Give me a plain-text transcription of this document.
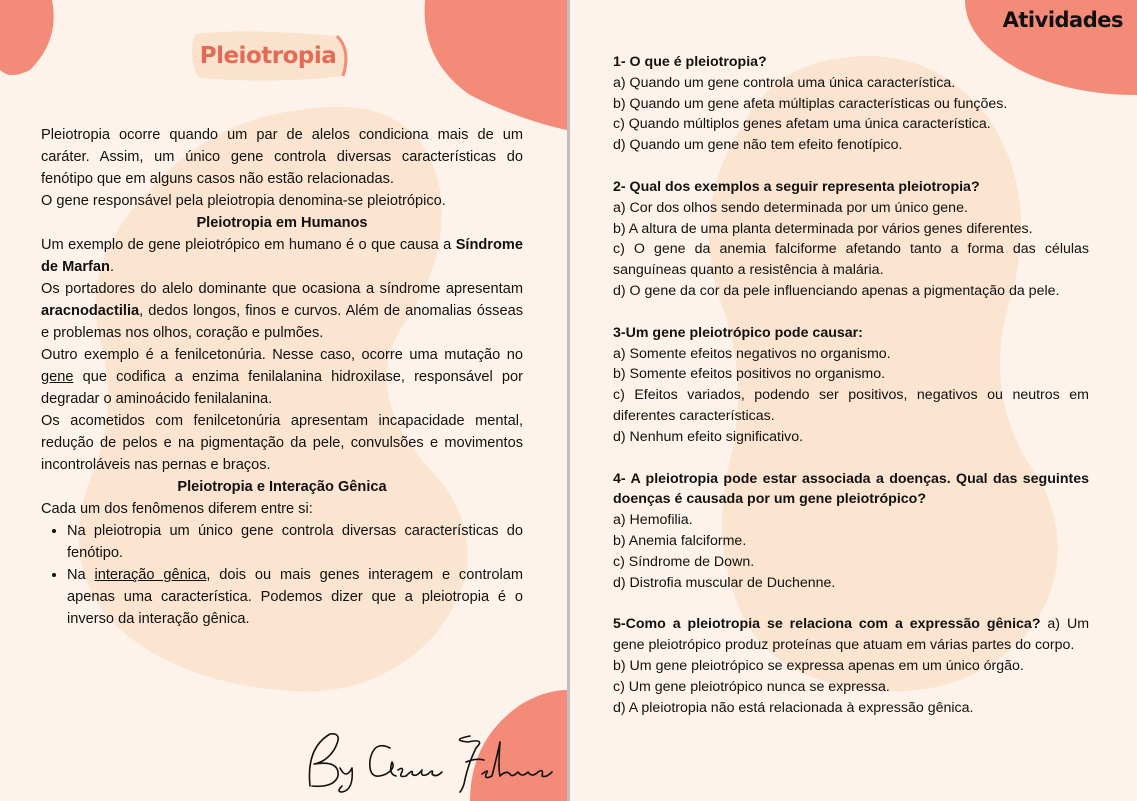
Pleiotropia

Pleiotropia ocorre quando um par de alelos condiciona mais de um caráter. Assim, um único gene controla diversas características do fenótipo que em alguns casos não estão relacionadas.

O gene responsável pela pleiotropia denomina-se pleiotrópico.

Pleiotropia em Humanos

Um exemplo de gene pleiotrópico em humano é o que causa a Síndrome de Marfan.

Os portadores do alelo dominante que ocasiona a síndrome apresentam aracnodactilia, dedos longos, finos e curvos. Além de anomalias ósseas e problemas nos olhos, coração e pulmões.

Outro exemplo é a fenilcetonúria. Nesse caso, ocorre uma mutação no gene que codifica a enzima fenilalanina hidroxilase, responsável por degradar o aminoácido fenilalanina.

Os acometidos com fenilcetonúria apresentam incapacidade mental, redução de pelos e na pigmentação da pele, convulsões e movimentos incontroláveis nas pernas e braços.

Pleiotropia e Interação Gênica

Cada um dos fenômenos diferem entre si:

• Na pleiotropia um único gene controla diversas características do fenótipo.
• Na interação gênica, dois ou mais genes interagem e controlam apenas uma característica. Podemos dizer que a pleiotropia é o inverso da interação gênica.
Atividades

1- O que é pleiotropia?

a) Quando um gene controla uma única característica.

b) Quando um gene afeta múltiplas características ou funções.

c) Quando múltiplos genes afetam uma única característica.

d) Quando um gene não tem efeito fenotípico.

2- Qual dos exemplos a seguir representa pleiotropia?

a) Cor dos olhos sendo determinada por um único gene.

b) A altura de uma planta determinada por vários genes diferentes.

c) O gene da anemia falciforme afetando tanto a forma das células sanguíneas quanto a resistência à malária.

d) O gene da cor da pele influenciando apenas a pigmentação da pele.

3-Um gene pleiotrópico pode causar:

a) Somente efeitos negativos no organismo.

b) Somente efeitos positivos no organismo.

c) Efeitos variados, podendo ser positivos, negativos ou neutros em diferentes características.

d) Nenhum efeito significativo.

4- A pleiotropia pode estar associada a doenças. Qual das seguintes doenças é causada por um gene pleiotrópico?

a) Hemofilia.

b) Anemia falciforme.

c) Síndrome de Down.

d) Distrofia muscular de Duchenne.

5-Como a pleiotropia se relaciona com a expressão gênica? a) Um gene pleiotrópico produz proteínas que atuam em várias partes do corpo.

b) Um gene pleiotrópico se expressa apenas em um único órgão.

c) Um gene pleiotrópico nunca se expressa.

d) A pleiotropia não está relacionada à expressão gênica.
